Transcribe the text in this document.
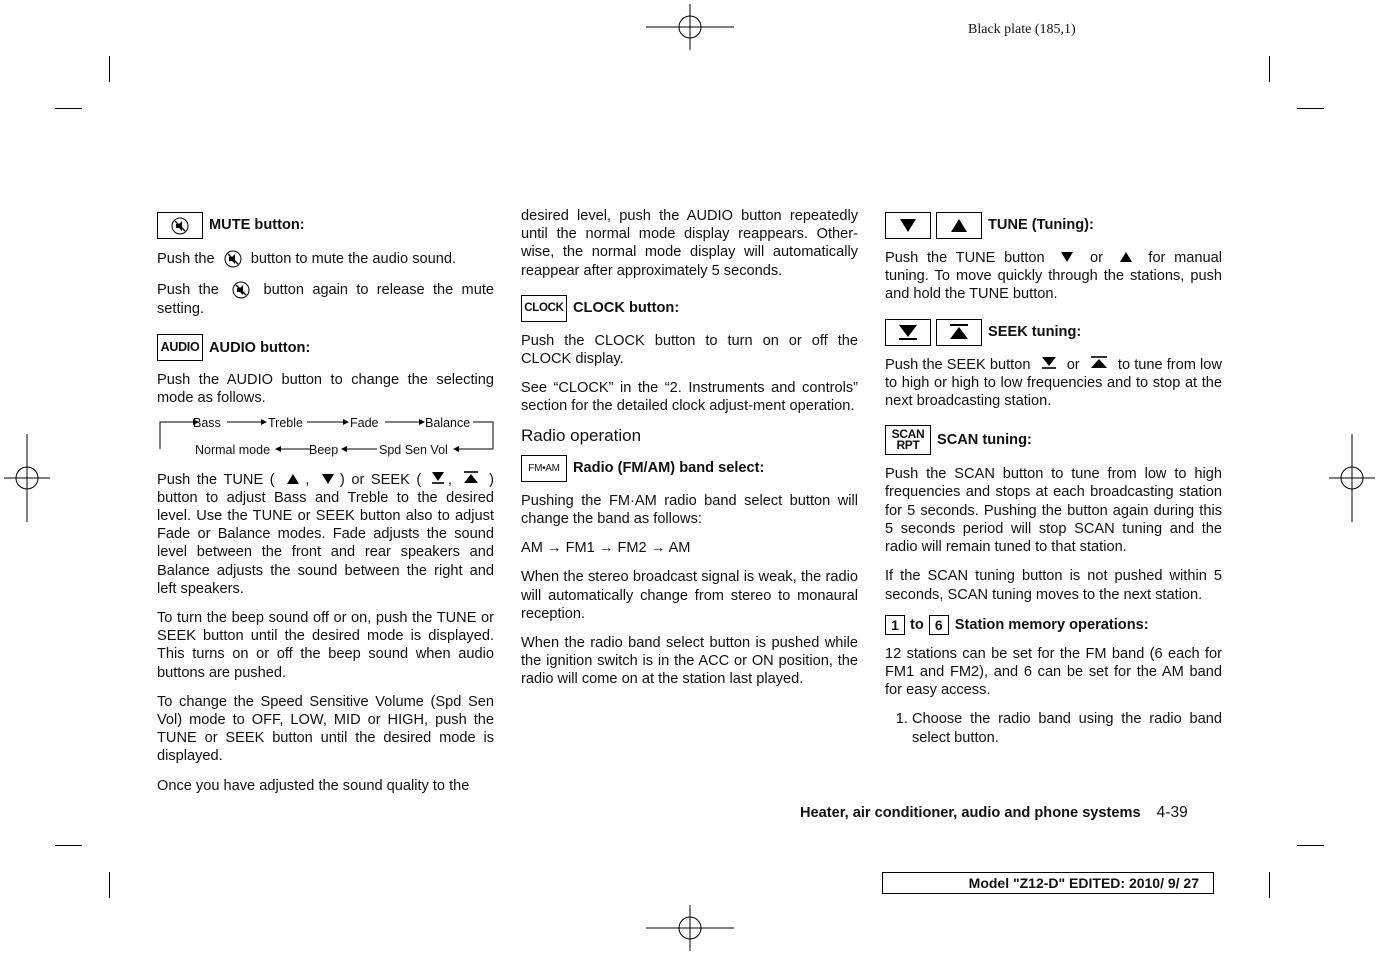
Black plate (185,1)
MUTE button:

Push the button to mute the audio sound.

Push the	button again to release the mute setting.

AUDIO AUDIO button:

Push the AUDIO button to change the selecting mode as follows.

Bass	Treble	Fade	Balance
Normal mode	Beep	Spd Sen Vol

Push the TUNE ( , ) or SEEK ( ,	) button to adjust Bass and Treble to the desired level. Use the TUNE or SEEK button also to adjust Fade or Balance modes. Fade adjusts the sound level between the front and rear speakers and Balance adjusts the sound between the right and left speakers.

To turn the beep sound off or on, push the TUNE or SEEK button until the desired mode is displayed. This turns on or off the beep sound when audio buttons are pushed.

To change the Speed Sensitive Volume (Spd Sen Vol) mode to OFF, LOW, MID or HIGH, push the TUNE or SEEK button until the desired mode is displayed.

Once you have adjusted the sound quality to the

desired level, push the AUDIO button repeatedly until the normal mode display reappears. Other-wise, the normal mode display will automatically reappear after approximately 5 seconds.

CLOCK CLOCK button:

Push the CLOCK button to turn on or off the CLOCK display.

See “CLOCK” in the “2. Instruments and controls” section for the detailed clock adjust-ment operation.

Radio operation
FM•AM Radio (FM/AM) band select:

Pushing the FM·AM radio band select button will change the band as follows:

AM → FM1 → FM2 → AM

When the stereo broadcast signal is weak, the radio will automatically change from stereo to monaural reception.

When the radio band select button is pushed while the ignition switch is in the ACC or ON position, the radio will come on at the station last played.

TUNE (Tuning):

Push the TUNE button	or	for manual tuning. To move quickly through the stations, push and hold the TUNE button.

SEEK tuning:

Push the SEEK button or	to tune from low to high or high to low frequencies and to stop at the next broadcasting station.

SCAN
RPT SCAN tuning:

Push the SCAN button to tune from low to high frequencies and stops at each broadcasting station for 5 seconds. Pushing the button again during this 5 seconds period will stop SCAN tuning and the radio will remain tuned to that station.

If the SCAN tuning button is not pushed within 5 seconds, SCAN tuning moves to the next station.

1 to 6 Station memory operations:

12 stations can be set for the FM band (6 each for FM1 and FM2), and 6 can be set for the AM band for easy access.

1. Choose the radio band using the radio band select button.
Heater, air conditioner, audio and phone systems 4-39
Model "Z12-D" EDITED: 2010/ 9/ 27
